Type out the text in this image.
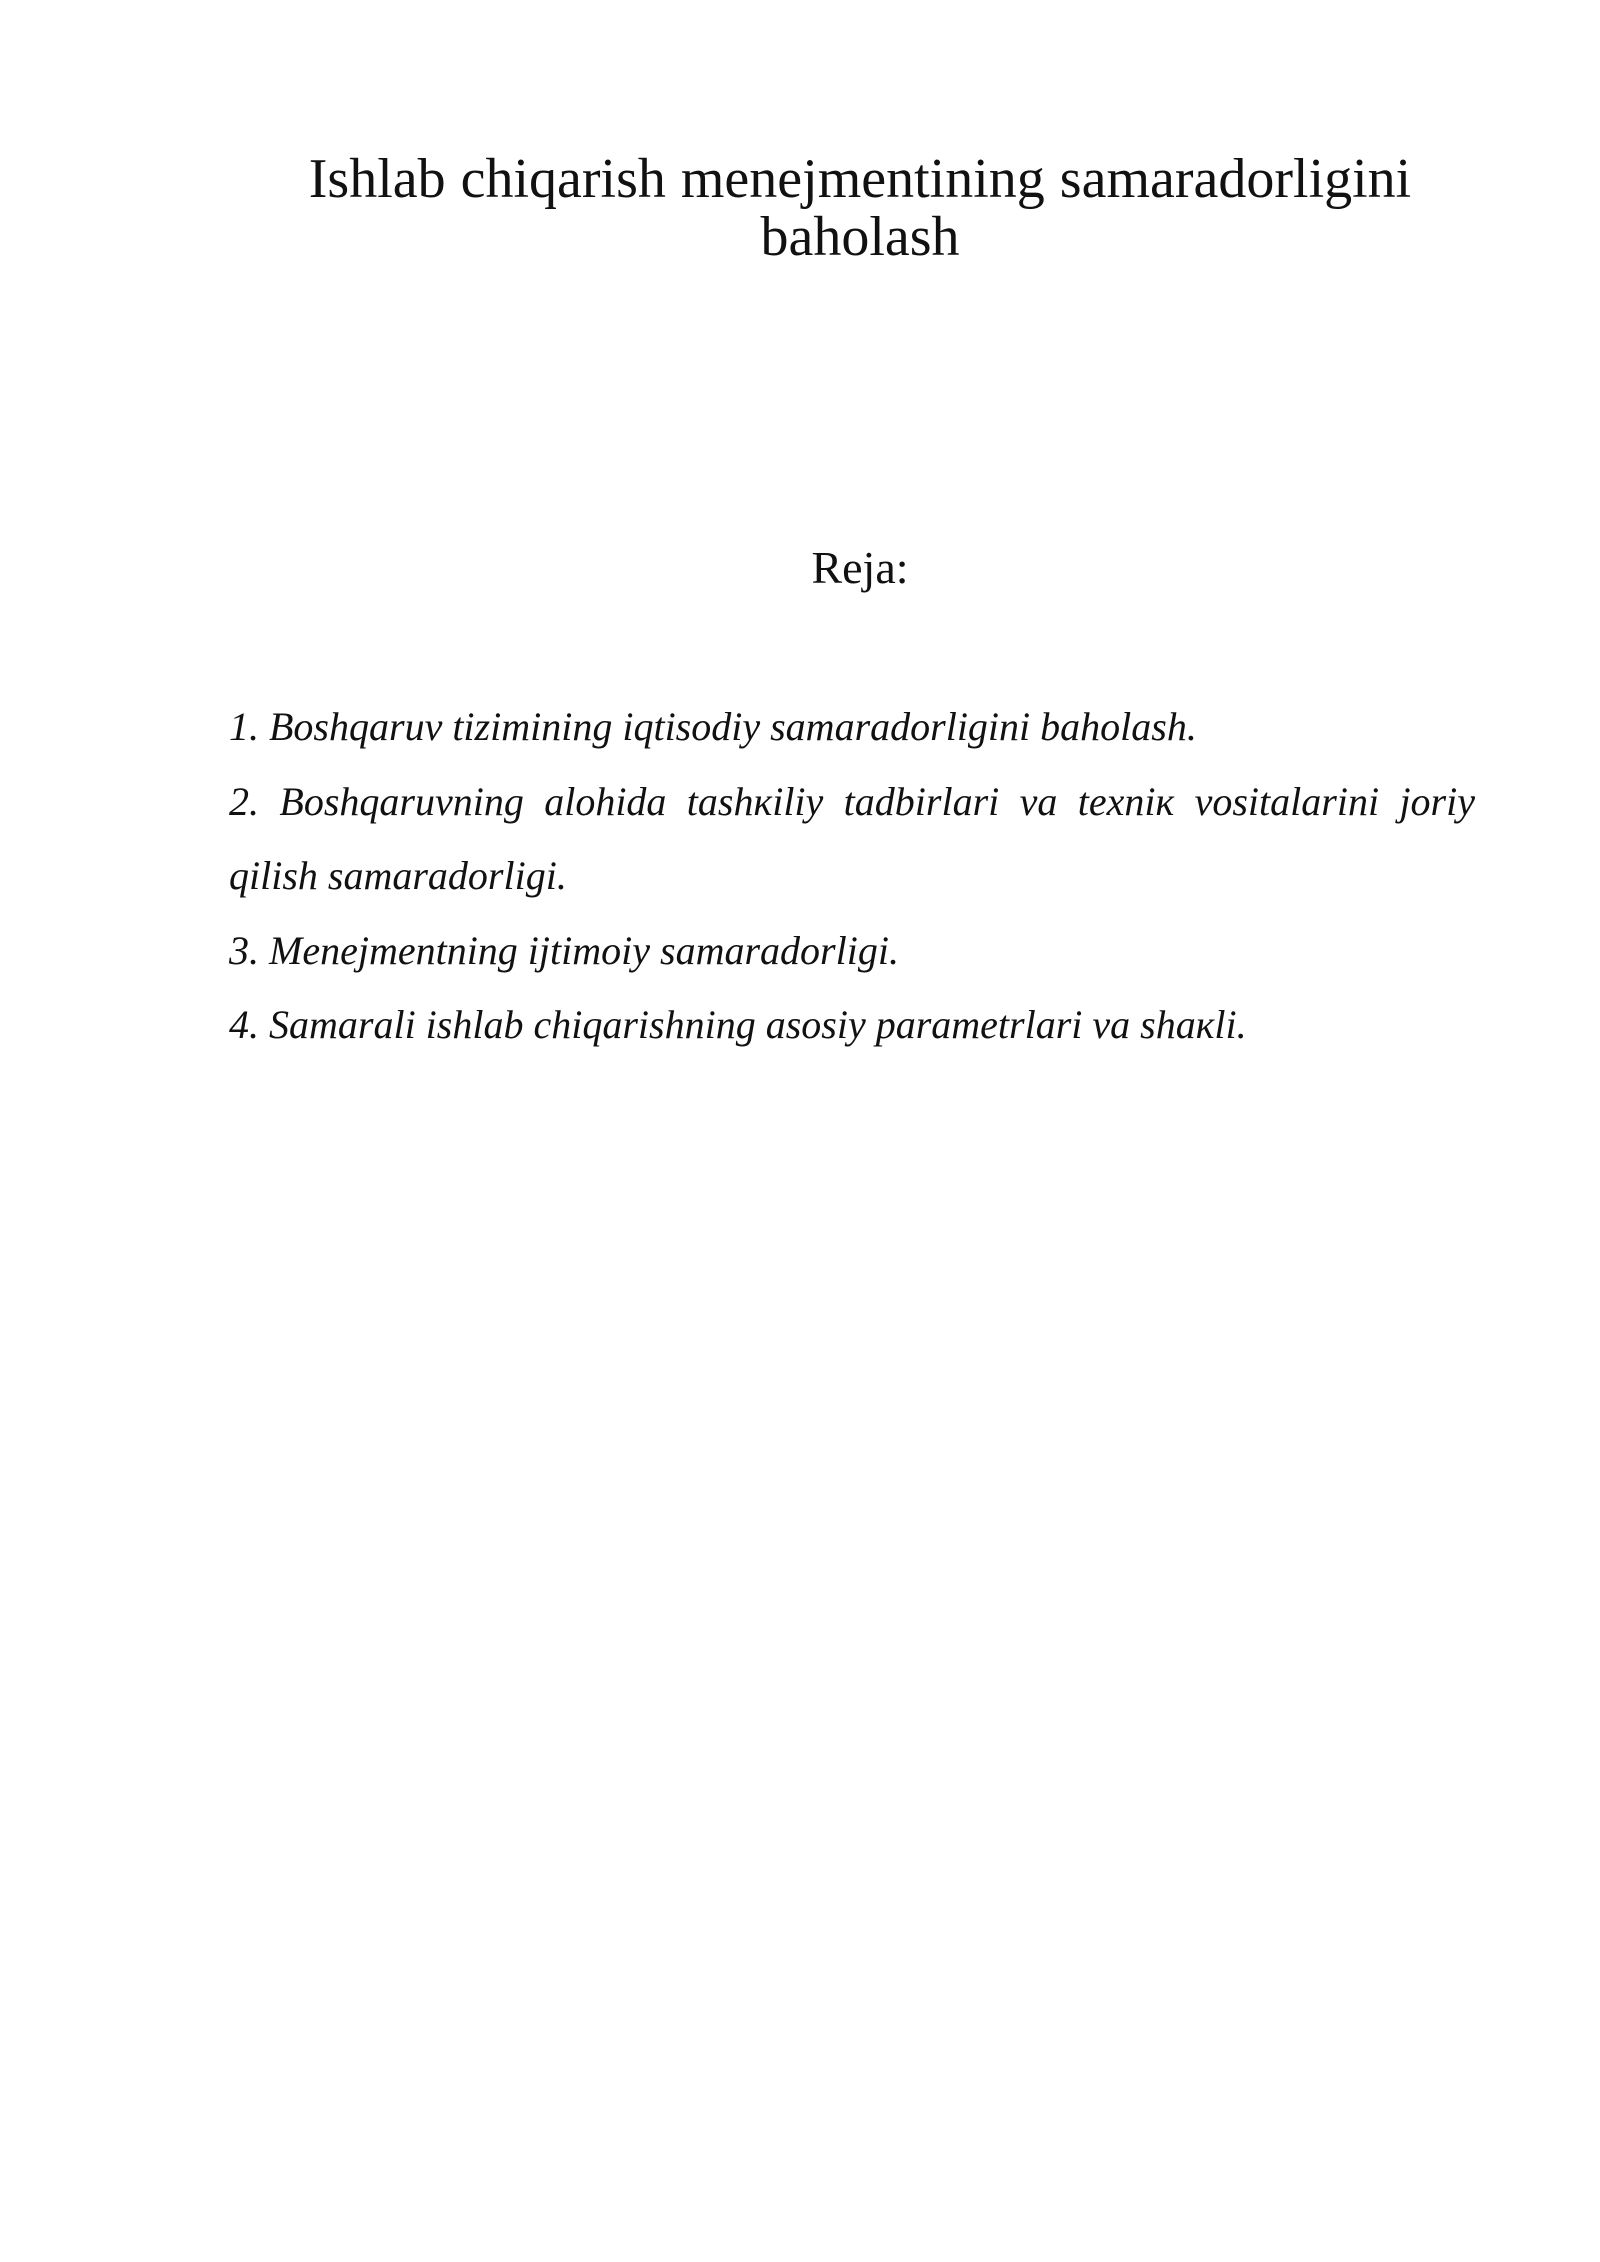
Ishlab chiqarish menejmentining samaradorligini baholash
Reja:
1. Boshqaruv tizimining iqtisodiy samaradorligini baholash.
2. Boshqaruvning alohida tashкiliy tadbirlari va teхniк vositalarini joriy qilish samaradorligi.
3. Menejmentning ijtimoiy samaradorligi.
4. Samarali ishlab chiqarishning asosiy parametrlari va shaкli.
